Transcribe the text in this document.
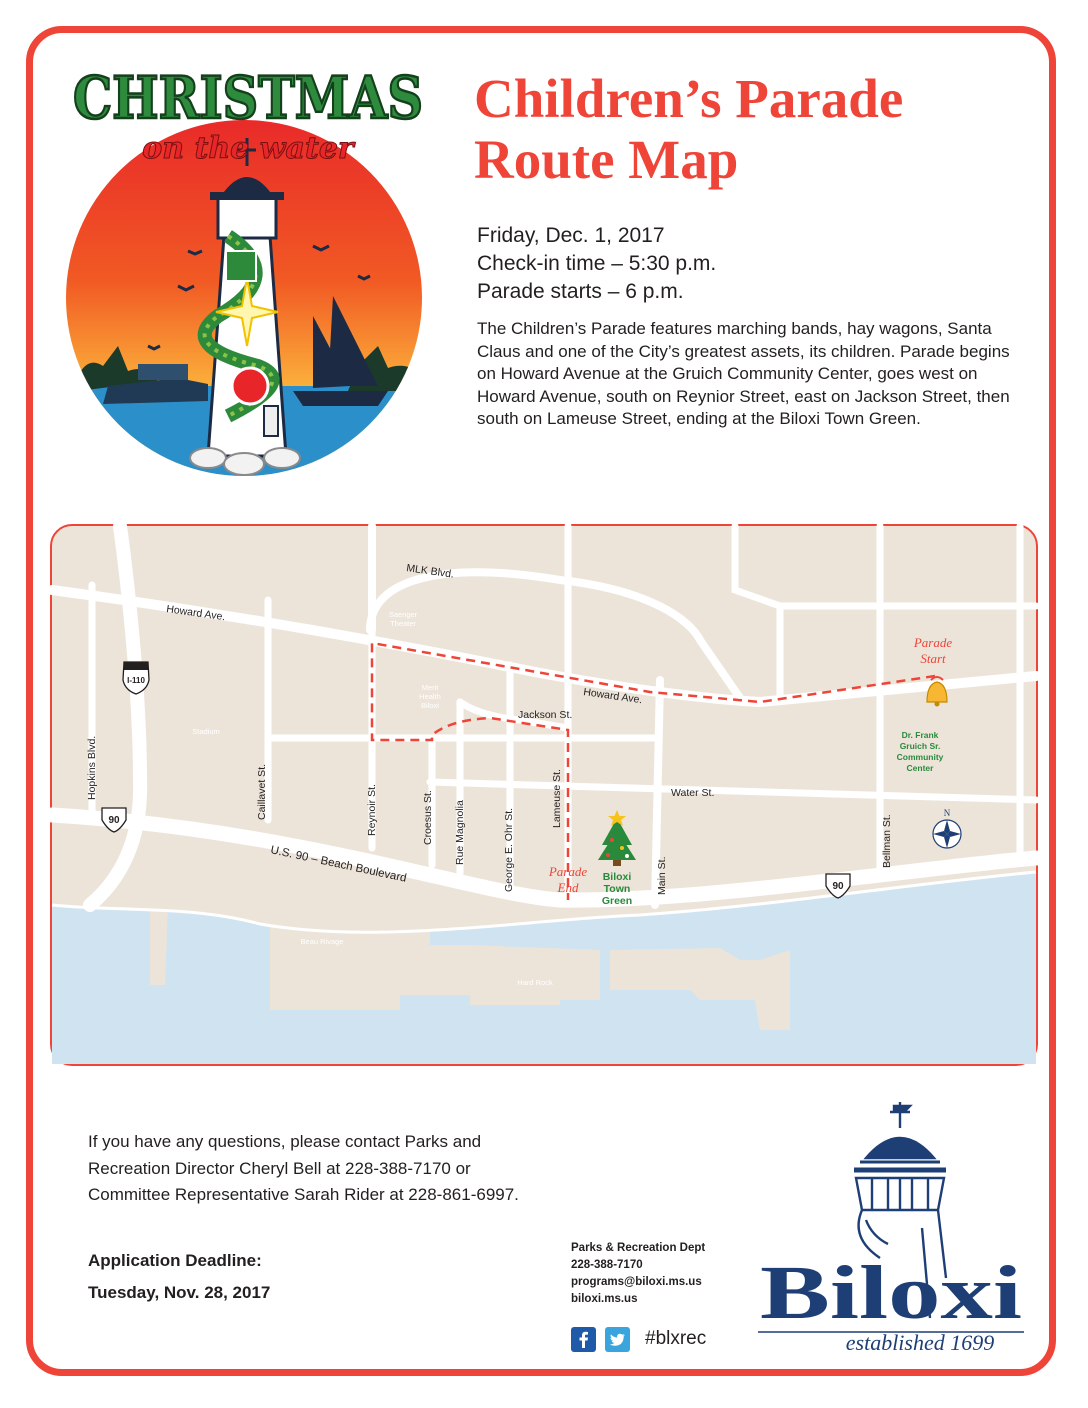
CHRISTMAS
on the water
Children’s Parade
Route Map
Friday, Dec. 1, 2017
Check-in time – 5:30 p.m.
Parade starts – 6 p.m.

The Children’s Parade features marching bands, hay wagons, Santa Claus and one of the City’s greatest assets, its children. Parade begins on Howard Avenue at the Gruich Community Center, goes west on Howard Avenue, south on Reynior Street, east on Jackson Street, then south on Lameuse Street, ending at the Biloxi Town Green.

MLK Blvd.
Howard Ave.
Howard Ave.
Jackson St.
Water St.
Hopkins Blvd.	Caillavet St.	Reynoir St.	Croesus St. Rue Magnolia	George E. Ohr St.
Lameuse St.
Main St.
Bellman St.
U.S. 90 – Beach Boulevard
Saenger
Theater
Merit
Health
Biloxi
Stadium
Beau Rivage
Hard Rock
Dr. Frank
Gruich Sr.
Community
Center
Biloxi
Town
Green
Parade
Start
Parade
End
N
I-110
90
90

If you have any questions, please contact Parks and Recreation Director Cheryl Bell at 228-388-7170 or Committee Representative Sarah Rider at 228-861-6997.

Application Deadline:
Tuesday, Nov. 28, 2017
Parks & Recreation Dept
228-388-7170
programs@biloxi.ms.us
biloxi.ms.us
#blxrec
Biloxi
established 1699
